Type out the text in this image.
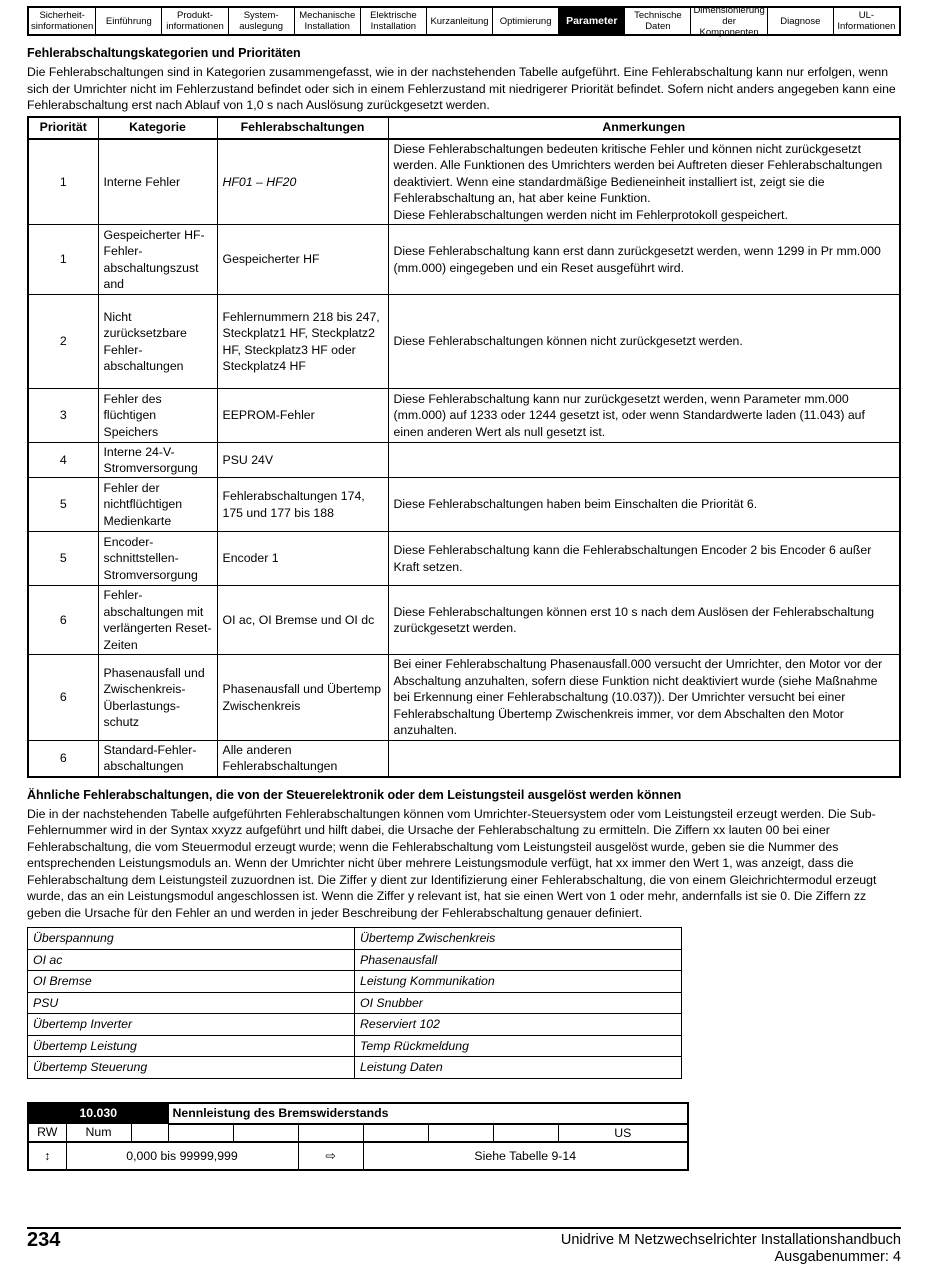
Sicherheit-
sinformationen	Einführung	Produkt-
informationen
System-
auslegung
Mechanische
Installation
Elektrische
Installation	Kurzanleitung	Optimierung	Parameter	Technische
Daten
Dimensionierung
der Komponenten
Diagnose	UL-
Informationen
Fehlerabschaltungskategorien und Prioritäten

Die Fehlerabschaltungen sind in Kategorien zusammengefasst, wie in der nachstehenden Tabelle aufgeführt. Eine Fehlerabschaltung kann nur erfolgen, wenn sich der Umrichter nicht im Fehlerzustand befindet oder sich in einem Fehlerzustand mit niedrigerer Priorität befindet. Sofern nicht anders angegeben kann eine Fehlerabschaltung erst nach Ablauf von 1,0 s nach Auslösung zurückgesetzt werden.

Priorität	Kategorie	Fehlerabschaltungen	Anmerkungen
1	Interne Fehler	HF01 – HF20	Diese Fehlerabschaltungen bedeuten kritische Fehler und können nicht zurückgesetzt werden. Alle Funktionen des Umrichters werden bei Auftreten dieser Fehlerabschaltungen deaktiviert. Wenn eine standardmäßige Bedieneinheit installiert ist, zeigt sie die Fehlerabschaltung an, hat aber keine Funktion.
Diese Fehlerabschaltungen werden nicht im Fehlerprotokoll gespeichert.
1	Gespeicherter HF-Fehler-abschaltungszust and	Gespeicherter HF	Diese Fehlerabschaltung kann erst dann zurückgesetzt werden, wenn 1299 in Pr mm.000 (mm.000) eingegeben und ein Reset ausgeführt wird.
2	Nicht zurücksetzbare Fehler-abschaltungen	Fehlernummern 218 bis 247, Steckplatz1 HF, Steckplatz2 HF, Steckplatz3 HF oder Steckplatz4 HF	Diese Fehlerabschaltungen können nicht zurückgesetzt werden.
3	Fehler des flüchtigen Speichers	EEPROM-Fehler	Diese Fehlerabschaltung kann nur zurückgesetzt werden, wenn Parameter mm.000 (mm.000) auf 1233 oder 1244 gesetzt ist, oder wenn Standardwerte laden (11.043) auf einen anderen Wert als null gesetzt ist.
4	Interne 24-V-Stromversorgung	PSU 24V	
5	Fehler der nichtflüchtigen Medienkarte	Fehlerabschaltungen 174, 175 und 177 bis 188	Diese Fehlerabschaltungen haben beim Einschalten die Priorität 6.
5	Encoder-schnittstellen-Stromversorgung	Encoder 1	Diese Fehlerabschaltung kann die Fehlerabschaltungen Encoder 2 bis Encoder 6 außer Kraft setzen.
6	Fehler-abschaltungen mit verlängerten Reset-Zeiten	OI ac, OI Bremse und OI dc	Diese Fehlerabschaltungen können erst 10 s nach dem Auslösen der Fehlerabschaltung zurückgesetzt werden.
6	Phasenausfall und Zwischenkreis-Überlastungs-schutz	Phasenausfall und Übertemp Zwischenkreis	Bei einer Fehlerabschaltung Phasenausfall.000 versucht der Umrichter, den Motor vor der Abschaltung anzuhalten, sofern diese Funktion nicht deaktiviert wurde (siehe Maßnahme bei Erkennung einer Fehlerabschaltung (10.037)). Der Umrichter versucht bei einer Fehlerabschaltung Übertemp Zwischenkreis immer, vor dem Abschalten den Motor anzuhalten.
6	Standard-Fehler-abschaltungen	Alle anderen Fehlerabschaltungen	
Ähnliche Fehlerabschaltungen, die von der Steuerelektronik oder dem Leistungsteil ausgelöst werden können

Die in der nachstehenden Tabelle aufgeführten Fehlerabschaltungen können vom Umrichter-Steuersystem oder vom Leistungsteil erzeugt werden. Die Sub-Fehlernummer wird in der Syntax xxyzz aufgeführt und hilft dabei, die Ursache der Fehlerabschaltung zu ermitteln. Die Ziffern xx lauten 00 bei einer Fehlerabschaltung, die vom Steuermodul erzeugt wurde; wenn die Fehlerabschaltung vom Leistungsteil ausgelöst wurde, geben sie die Nummer des entsprechenden Leistungsmoduls an. Wenn der Umrichter nicht über mehrere Leistungsmodule verfügt, hat xx immer den Wert 1, was anzeigt, dass die Fehlerabschaltung dem Leistungsteil zuzuordnen ist. Die Ziffer y dient zur Identifizierung einer Fehlerabschaltung, die von einem Gleichrichtermodul erzeugt wurde, das an ein Leistungsmodul angeschlossen ist. Wenn die Ziffer y relevant ist, hat sie einen Wert von 1 oder mehr, andernfalls ist sie 0. Die Ziffern zz geben die Ursache für den Fehler an und werden in jeder Beschreibung der Fehlerabschaltung genauer definiert.

Überspannung	Übertemp Zwischenkreis
OI ac	Phasenausfall
OI Bremse	Leistung Kommunikation
PSU	OI Snubber
Übertemp Inverter	Reserviert 102
Übertemp Leistung	Temp Rückmeldung
Übertemp Steuerung	Leistung Daten
10.030			Nennleistung des Bremswiderstands						
RW	Num								US
↕	0,000 bis 99999,999				⇨	Siehe Tabelle 9-14			
234	Unidrive M Netzwechselrichter Installationshandbuch
Ausgabenummer: 4
